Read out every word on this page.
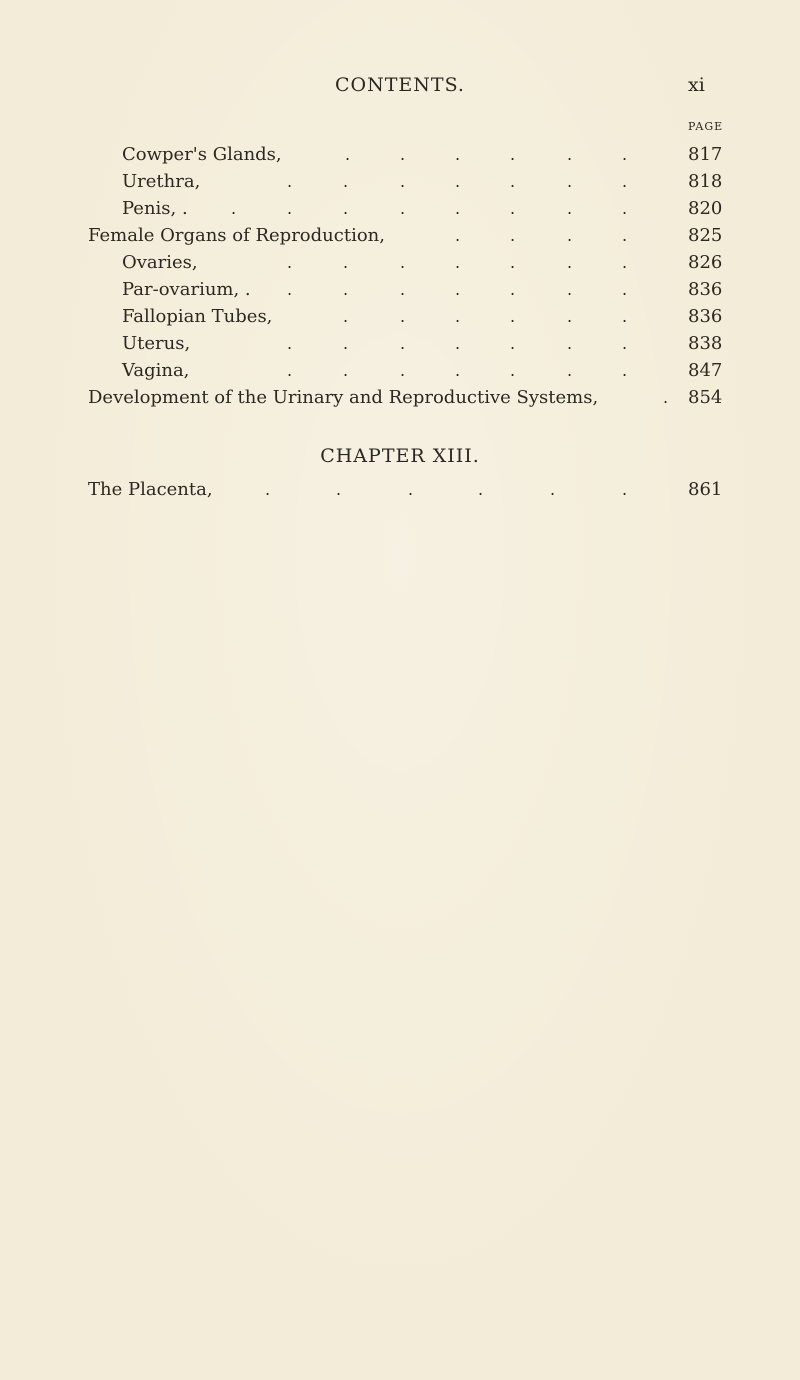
CONTENTS.	xi
PAGE
Cowper's Glands,	.	.	.	.	.	.	817
Urethra,	.	.	.	.	.	.	.	818
Penis, .	.	.	.	.	.	.	.	.	820
Female Organs of Reproduction,	.	.	.	.	825
Ovaries,	.	.	.	.	.	.	.	826
Par-ovarium, . .	.	.	.	.	.	.	836
Fallopian Tubes,	.	.	.	.	.	.	836
Uterus,	.	.	.	.	.	.	.	838
Vagina,	.	.	.	.	.	.	.	847
Development of the Urinary and Reproductive Systems,	. 854
CHAPTER XIII.
The Placenta,	.	.	.	.	.	.	861
